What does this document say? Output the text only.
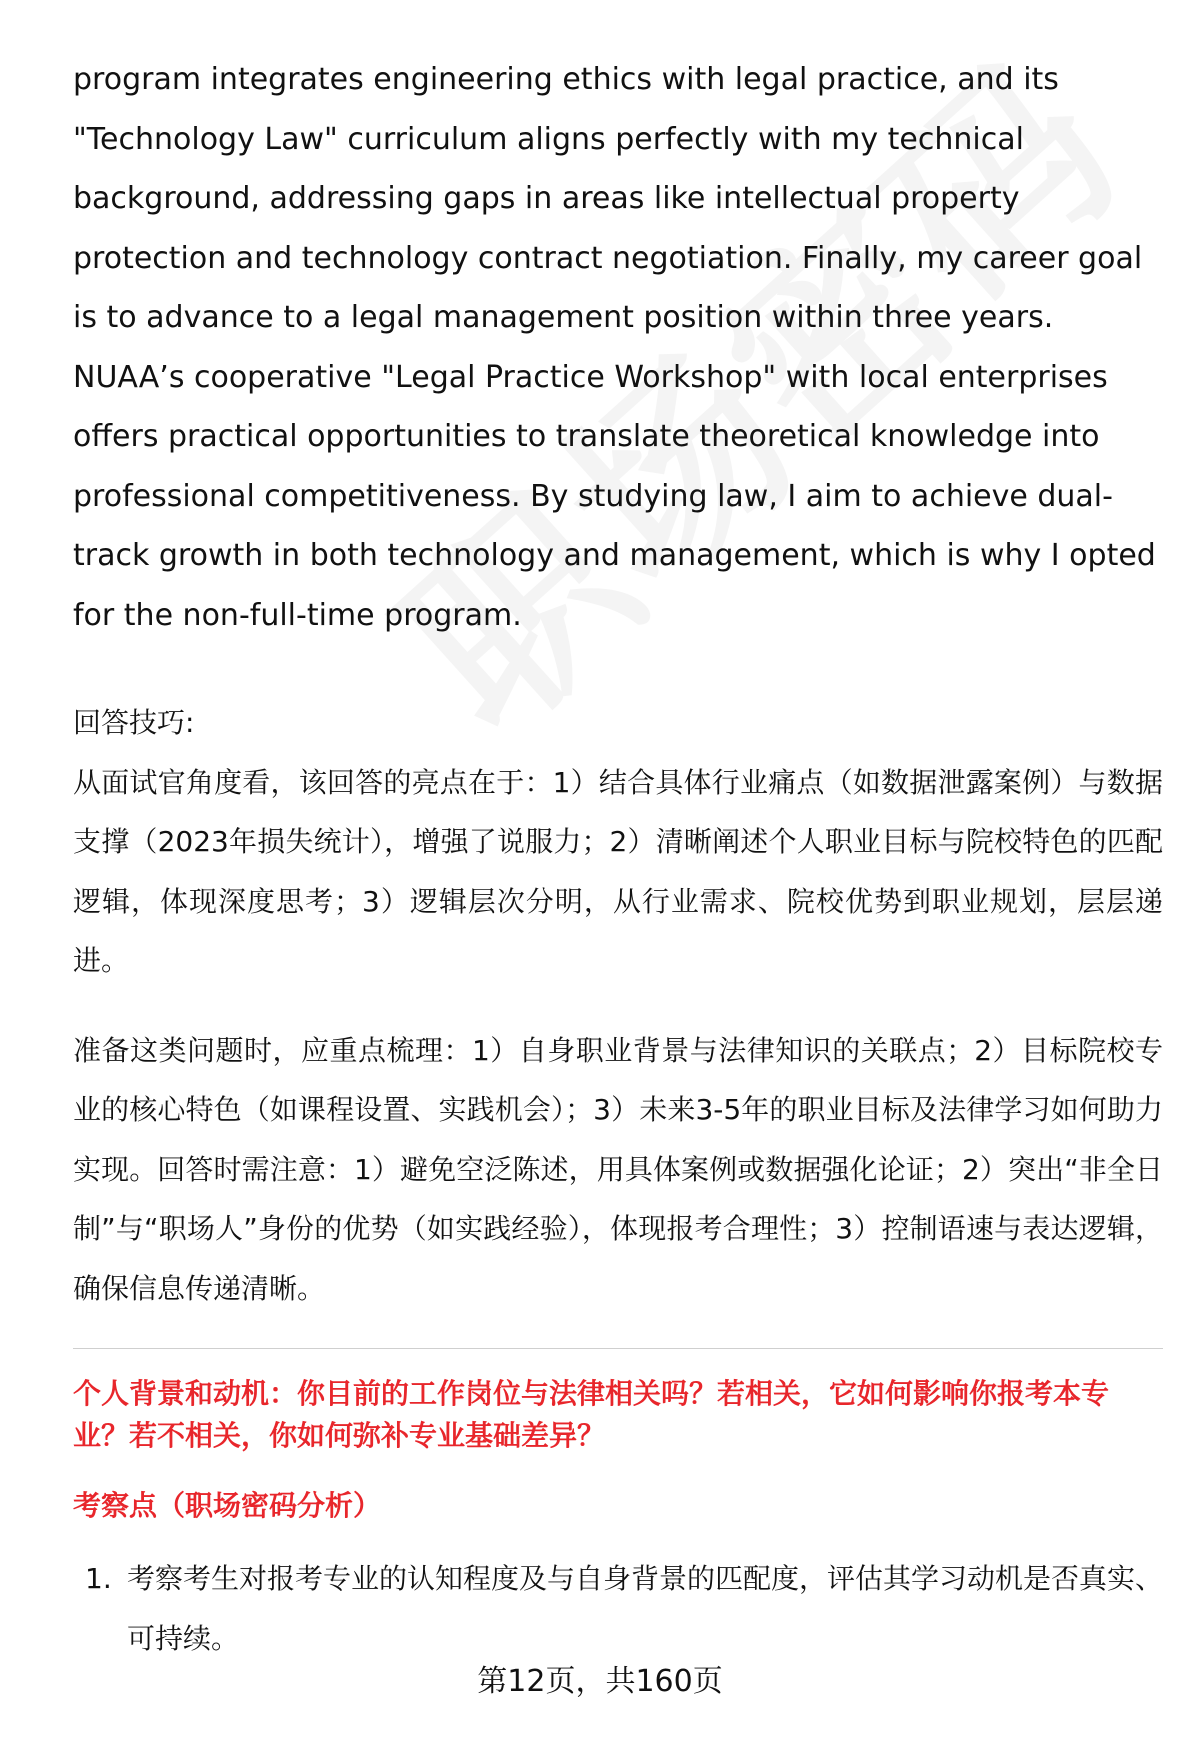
program integrates engineering ethics with legal practice, and its "Technology Law" curriculum aligns perfectly with my technical background, addressing gaps in areas like intellectual property protection and technology contract negotiation. Finally, my career goal is to advance to a legal management position within three years. NUAA’s cooperative "Legal Practice Workshop" with local enterprises offers practical opportunities to translate theoretical knowledge into professional competitiveness. By studying law, I aim to achieve dual-track growth in both technology and management, which is why I opted for the non-full-time program.

回答技巧:

从面试官角度看，该回答的亮点在于：1）结合具体行业痛点（如数据泄露案例）与数据支撑（2023年损失统计），增强了说服力；2）清晰阐述个人职业目标与院校特色的匹配逻辑，体现深度思考；3）逻辑层次分明，从行业需求、院校优势到职业规划，层层递进。

准备这类问题时，应重点梳理：1）自身职业背景与法律知识的关联点；2）目标院校专业的核心特色（如课程设置、实践机会）；3）未来3-5年的职业目标及法律学习如何助力实现。回答时需注意：1）避免空泛陈述，用具体案例或数据强化论证；2）突出“非全日制”与“职场人”身份的优势（如实践经验），体现报考合理性；3）控制语速与表达逻辑，确保信息传递清晰。

个人背景和动机：你目前的工作岗位与法律相关吗？若相关，它如何影响你报考本专业？若不相关，你如何弥补专业基础差异？

考察点（职场密码分析）

1. 考察考生对报考专业的认知程度及与自身背景的匹配度，评估其学习动机是否真实、可持续。
第12页，共160页
